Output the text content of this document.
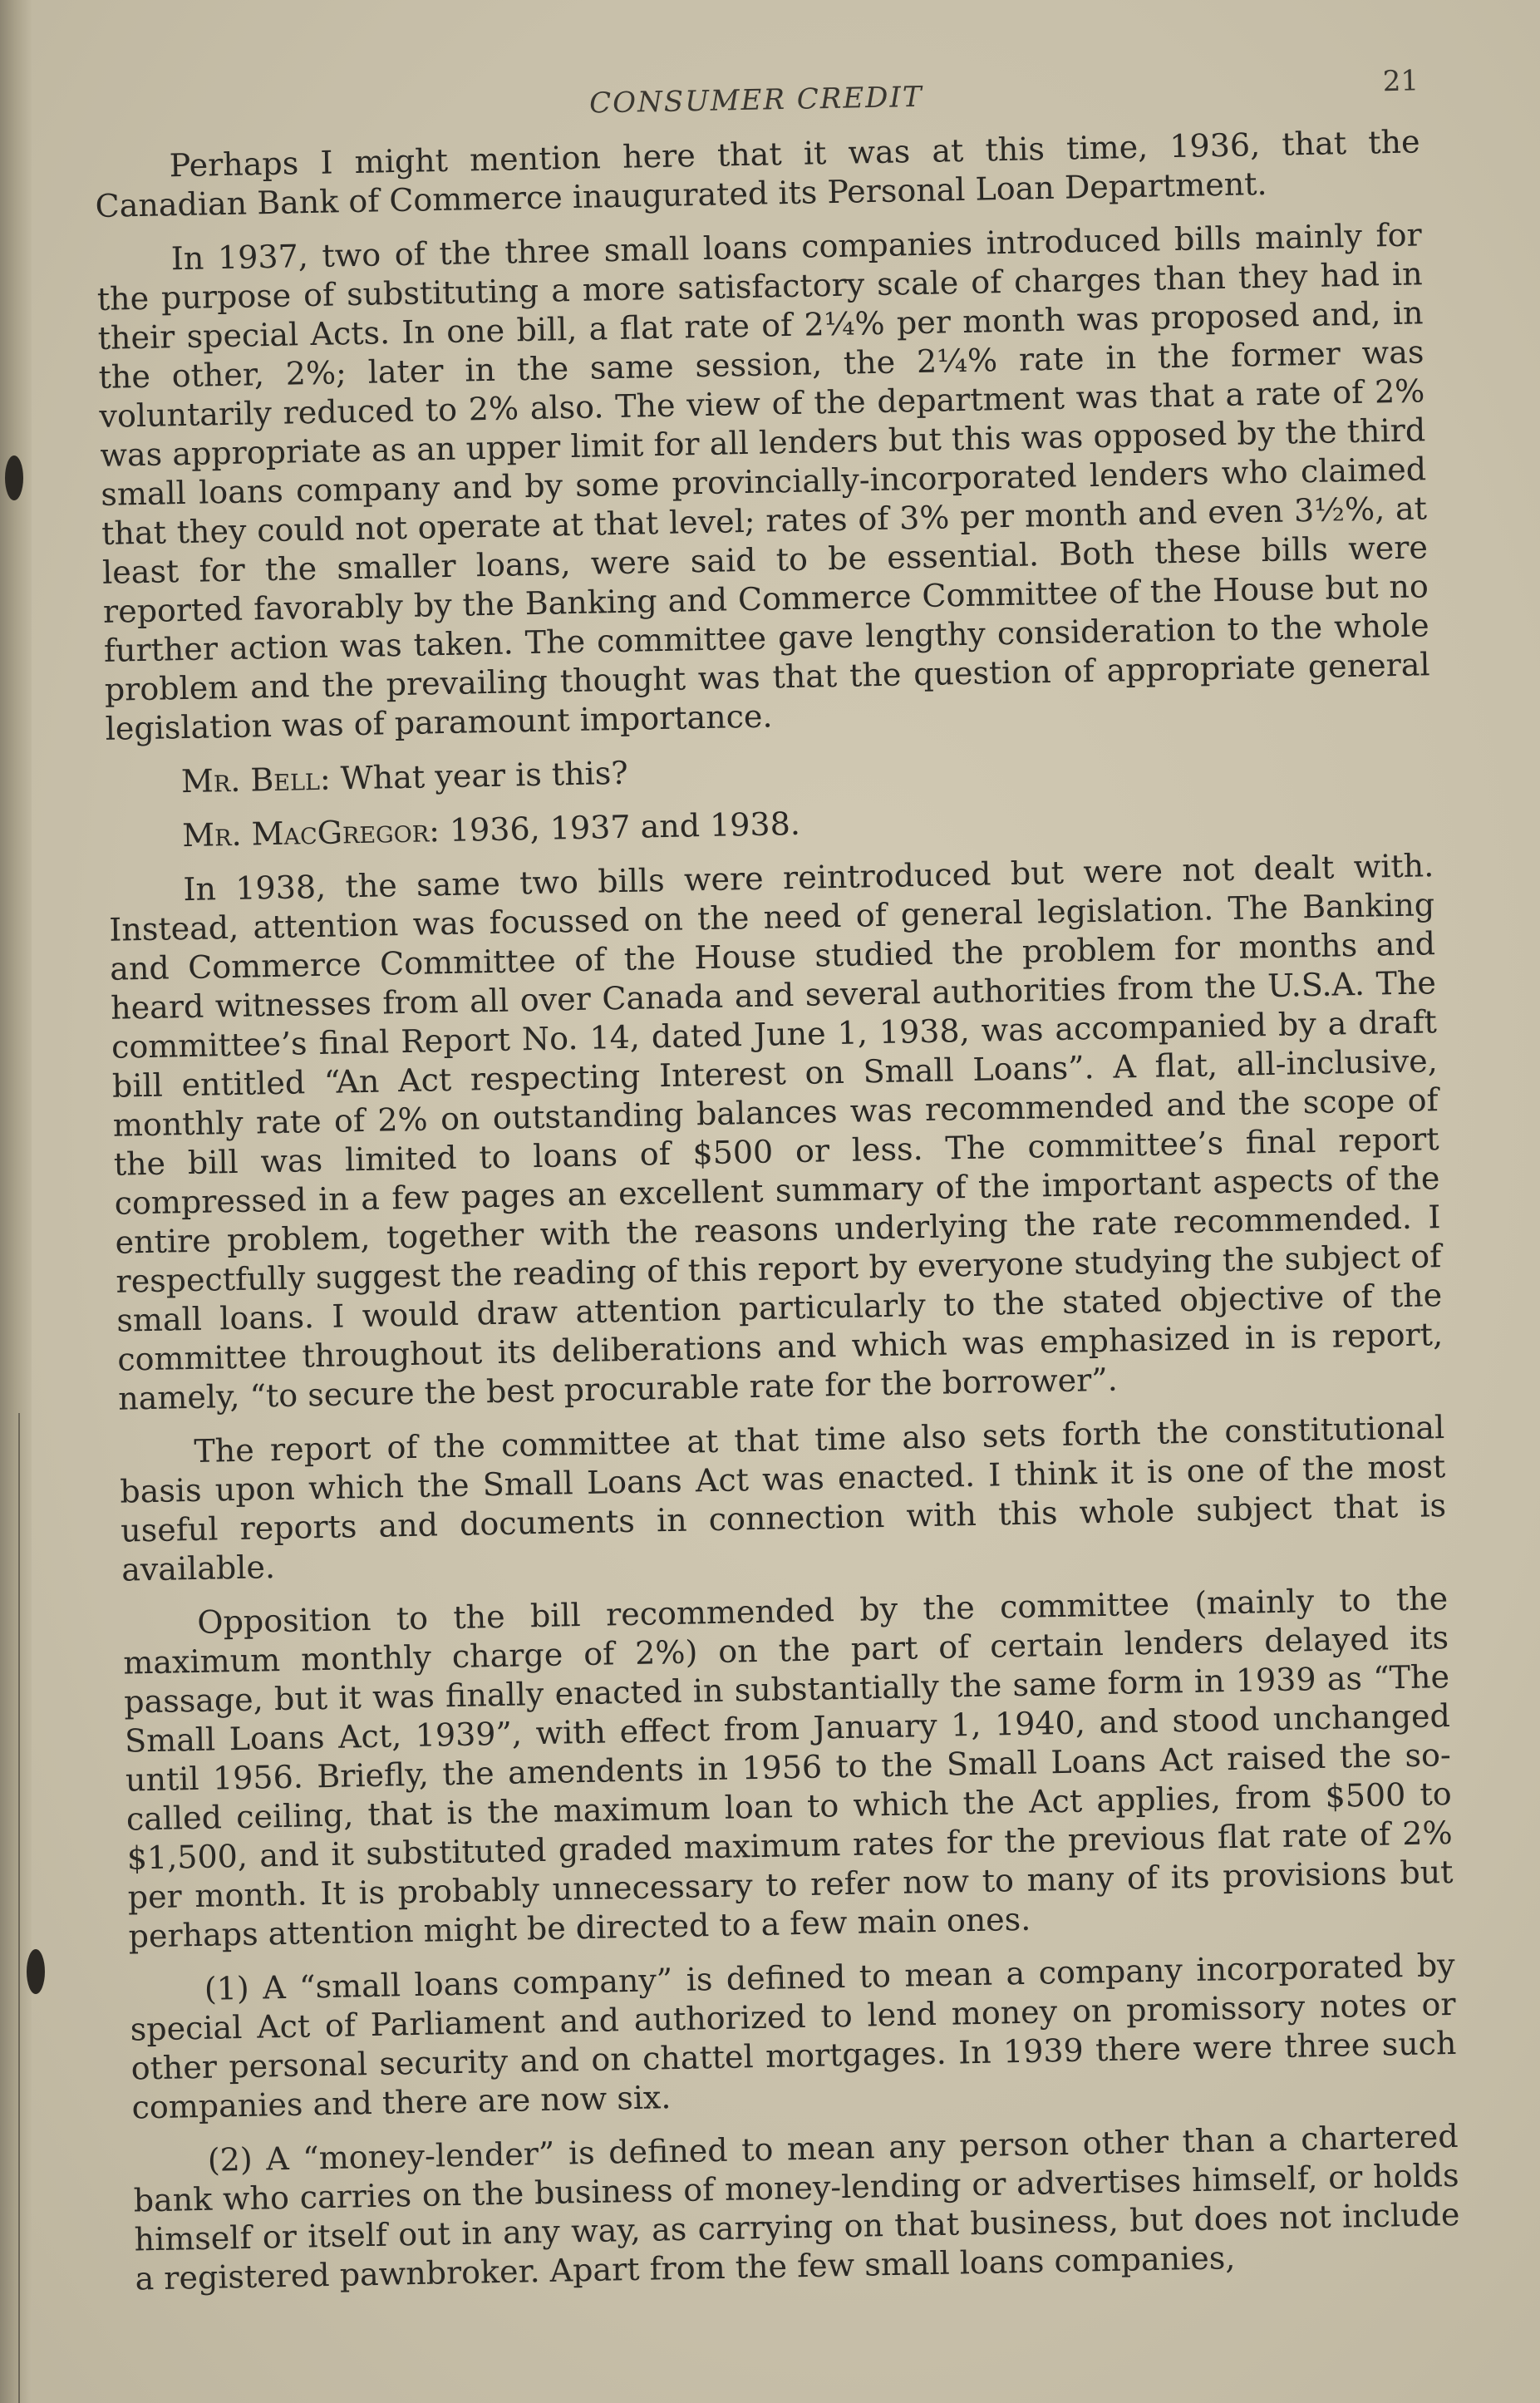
CONSUMER CREDIT	21

Perhaps I might mention here that it was at this time, 1936, that the Canadian Bank of Commerce inaugurated its Personal Loan Department.

In 1937, two of the three small loans companies introduced bills mainly for the purpose of substituting a more satisfactory scale of charges than they had in their special Acts. In one bill, a flat rate of 2¼% per month was proposed and, in the other, 2%; later in the same session, the 2¼% rate in the former was voluntarily reduced to 2% also. The view of the department was that a rate of 2% was appropriate as an upper limit for all lenders but this was opposed by the third small loans company and by some provincially-incorporated lenders who claimed that they could not operate at that level; rates of 3% per month and even 3½%, at least for the smaller loans, were said to be essential. Both these bills were reported favorably by the Banking and Commerce Committee of the House but no further action was taken. The committee gave lengthy consideration to the whole problem and the prevailing thought was that the question of appropriate general legislation was of paramount importance.

Mr. Bell: What year is this?

Mr. MacGregor: 1936, 1937 and 1938.

In 1938, the same two bills were reintroduced but were not dealt with. Instead, attention was focussed on the need of general legislation. The Banking and Commerce Committee of the House studied the problem for months and heard witnesses from all over Canada and several authorities from the U.S.A. The committee’s final Report No. 14, dated June 1, 1938, was accompanied by a draft bill entitled “An Act respecting Interest on Small Loans”. A flat, all-inclusive, monthly rate of 2% on outstanding balances was recommended and the scope of the bill was limited to loans of $500 or less. The committee’s final report compressed in a few pages an excellent summary of the important aspects of the entire problem, together with the reasons underlying the rate recommended. I respectfully suggest the reading of this report by everyone studying the subject of small loans. I would draw attention particularly to the stated objective of the committee throughout its deliberations and which was emphasized in is report, namely, “to secure the best procurable rate for the borrower”.

The report of the committee at that time also sets forth the constitutional basis upon which the Small Loans Act was enacted. I think it is one of the most useful reports and documents in connection with this whole subject that is available.

Opposition to the bill recommended by the committee (mainly to the maximum monthly charge of 2%) on the part of certain lenders delayed its passage, but it was finally enacted in substantially the same form in 1939 as “The Small Loans Act, 1939”, with effect from January 1, 1940, and stood unchanged until 1956. Briefly, the amendents in 1956 to the Small Loans Act raised the so-called ceiling, that is the maximum loan to which the Act applies, from $500 to $1,500, and it substituted graded maximum rates for the previous flat rate of 2% per month. It is probably unnecessary to refer now to many of its provisions but perhaps attention might be directed to a few main ones.

(1) A “small loans company” is defined to mean a company incorporated by special Act of Parliament and authorized to lend money on promissory notes or other personal security and on chattel mortgages. In 1939 there were three such companies and there are now six.

(2) A “money-lender” is defined to mean any person other than a chartered bank who carries on the business of money-lending or advertises himself, or holds himself or itself out in any way, as carrying on that business, but does not include a registered pawnbroker. Apart from the few small loans companies,
